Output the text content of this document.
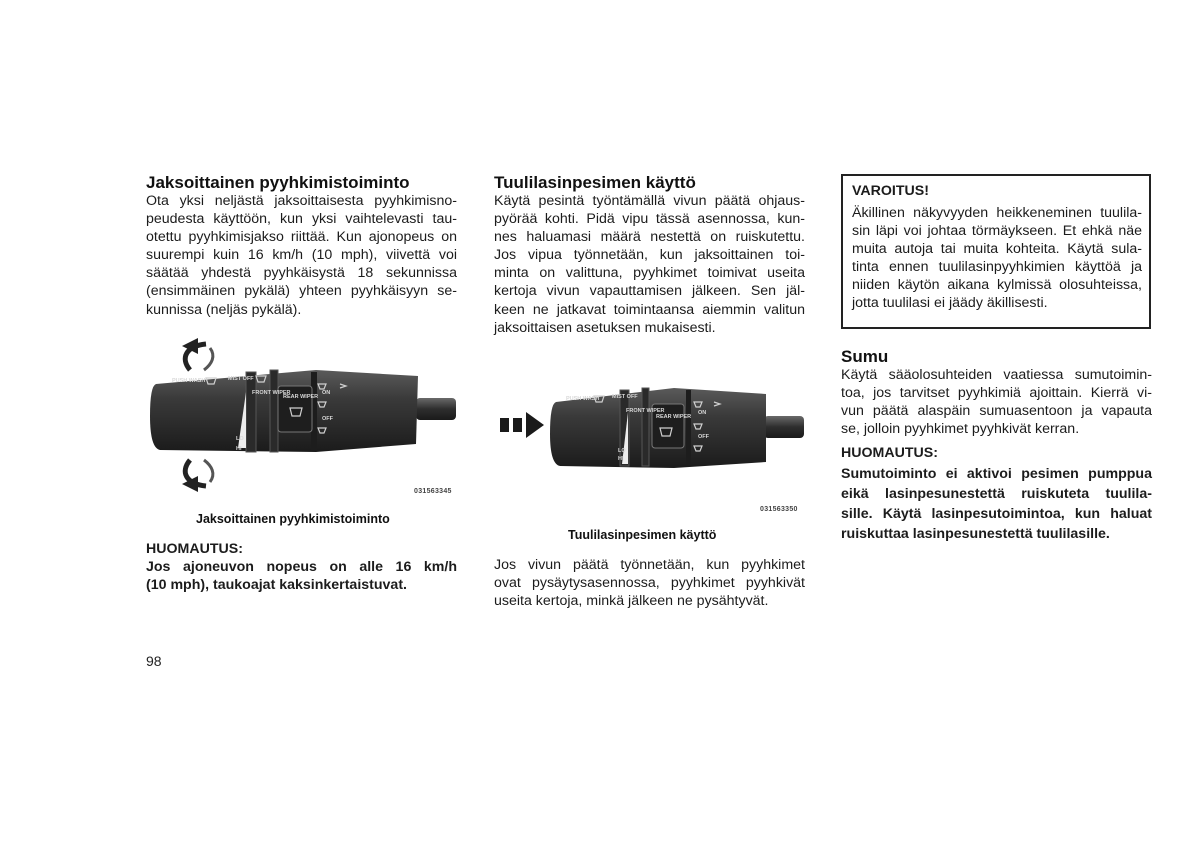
Jaksoittainen pyyhkimistoiminto
Ota yksi neljästä jaksoittaisesta pyyhkimisno-
peudesta käyttöön, kun yksi vaihtelevasti tau-
otettu pyyhkimisjakso riittää. Kun ajonopeus on
suurempi kuin 16 km/h (10 mph), viivettä voi
säätää yhdestä pyyhkäisystä 18 sekunnissa
(ensimmäinen pykälä) yhteen pyyhkäisyyn se-
kunnissa (neljäs pykälä).
PUSH WASH	MIST OFF
FRONT WIPER
REAR WIPER
ON
OFF
LO
HI
031563345
Jaksoittainen pyyhkimistoiminto
HUOMAUTUS:
Jos ajoneuvon nopeus on alle 16 km/h
(10 mph), taukoajat kaksinkertaistuvat.
Tuulilasinpesimen käyttö
Käytä pesintä työntämällä vivun päätä ohjaus-
pyörää kohti. Pidä vipu tässä asennossa, kun-
nes haluamasi määrä nestettä on ruiskutettu.
Jos vipua työnnetään, kun jaksoittainen toi-
minta on valittuna, pyyhkimet toimivat useita
kertoja vivun vapauttamisen jälkeen. Sen jäl-
keen ne jatkavat toimintaansa aiemmin valitun
jaksoittaisen asetuksen mukaisesti.
PUSH WASH MIST OFF
FRONT WIPER
REAR WIPER
ON
OFF
LO
HI
031563350
Tuulilasinpesimen käyttö
Jos vivun päätä työnnetään, kun pyyhkimet
ovat pysäytysasennossa, pyyhkimet pyyhkivät
useita kertoja, minkä jälkeen ne pysähtyvät.
VAROITUS!
Äkillinen näkyvyyden heikkeneminen tuulila-
sin läpi voi johtaa törmäykseen. Et ehkä näe
muita autoja tai muita kohteita. Käytä sula-
tinta ennen tuulilasinpyyhkimien käyttöä ja
niiden käytön aikana kylmissä olosuhteissa,
jotta tuulilasi ei jäädy äkillisesti.
Sumu
Käytä sääolosuhteiden vaatiessa sumutoimin-
toa, jos tarvitset pyyhkimiä ajoittain. Kierrä vi-
vun päätä alaspäin sumuasentoon ja vapauta
se, jolloin pyyhkimet pyyhkivät kerran.
HUOMAUTUS:
Sumutoiminto ei aktivoi pesimen pumppua
eikä lasinpesunestettä ruiskuteta tuulila-
sille. Käytä lasinpesutoimintoa, kun haluat
ruiskuttaa lasinpesunestettä tuulilasille.
98
